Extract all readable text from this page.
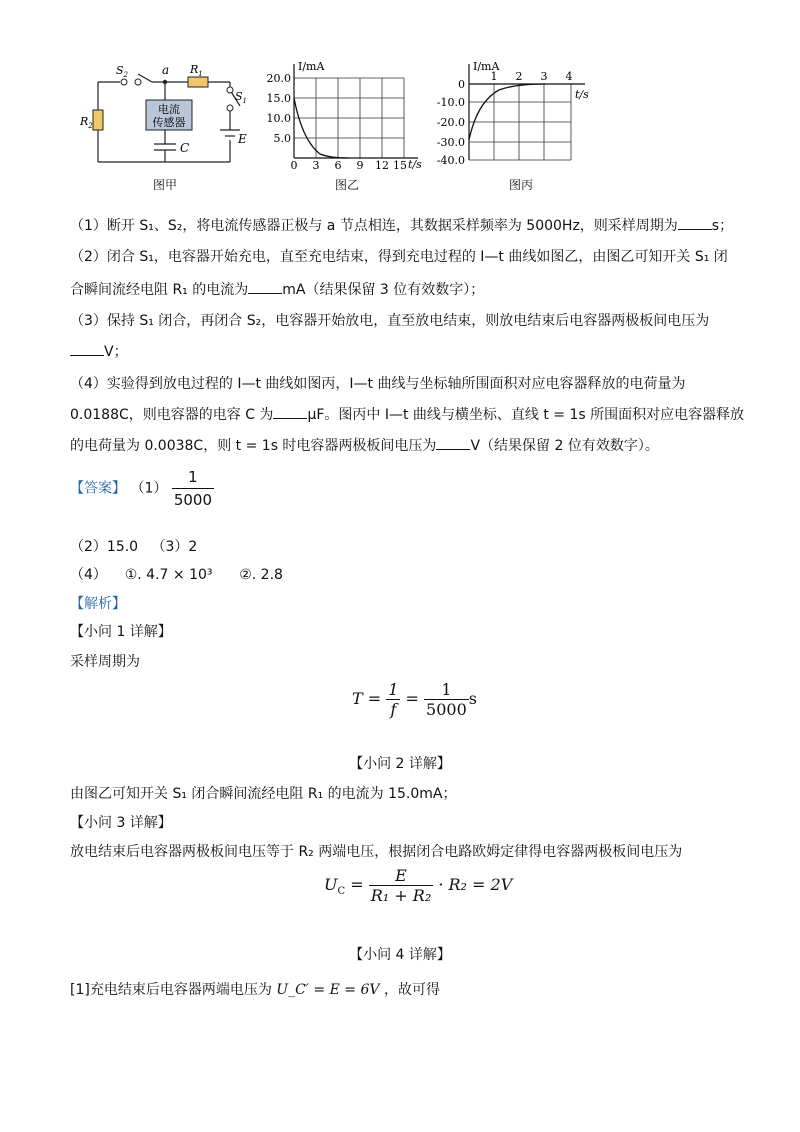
电流
传感器
$S_2$	a $R_1$
$S_1$
$R_2$
C
E
图甲
I/mA
t/s
20.0
15.0
10.0
5.0
0 3 6 9 12 15
图乙
I/mA
t/s
0
-10.0
-20.0
-30.0
-40.0
1 2 3 4
图丙
（1）断开 S₁、S₂，将电流传感器正极与 a 节点相连，其数据采样频率为 5000Hz，则采样周期为 s；
（2）闭合 S₁，电容器开始充电，直至充电结束，得到充电过程的 I—t 曲线如图乙，由图乙可知开关 S₁ 闭
合瞬间流经电阻 R₁ 的电流为 mA（结果保留 3 位有效数字）；
（3）保持 S₁ 闭合，再闭合 S₂，电容器开始放电，直至放电结束，则放电结束后电容器两极板间电压为
V；
（4）实验得到放电过程的 I—t 曲线如图丙，I—t 曲线与坐标轴所围面积对应电容器释放的电荷量为
0.0188C，则电容器的电容 C 为 μF。图丙中 I—t 曲线与横坐标、直线 t = 1s 所围面积对应电容器释放
的电荷量为 0.0038C，则 t = 1s 时电容器两极板间电压为 V（结果保留 2 位有效数字）。
【答案】 $(1) \frac{1}{5000}$
（2）15.0 （3）2
（4） ①. 4.7 × 10³ ②. 2.8
【解析】
【小问 1 详解】
采样周期为
$T = \frac{1}{f} = \frac{1}{5000}$ s
【小问 2 详解】
由图乙可知开关 S₁ 闭合瞬间流经电阻 R₁ 的电流为 15.0mA；
【小问 3 详解】
放电结束后电容器两极板间电压等于 R₂ 两端电压，根据闭合电路欧姆定律得电容器两极板间电压为
$U_C = \frac{E}{\text{R₁ + R₂}} \cdot R_2 = 2V$
【小问 4 详解】
[1]充电结束后电容器两端电压为 U_C′ = E = 6V ，故可得
